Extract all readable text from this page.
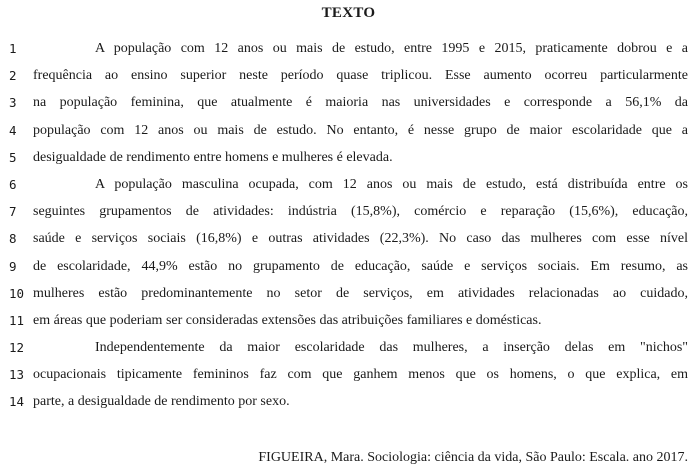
TEXTO
1	A população com 12 anos ou mais de estudo, entre 1995 e 2015, praticamente dobrou e a
2	frequência ao ensino superior neste período quase triplicou. Esse aumento ocorreu particularmente
3	na população feminina, que atualmente é maioria nas universidades e corresponde a 56,1% da
4	população com 12 anos ou mais de estudo. No entanto, é nesse grupo de maior escolaridade que a
5	desigualdade de rendimento entre homens e mulheres é elevada.
6	A população masculina ocupada, com 12 anos ou mais de estudo, está distribuída entre os
7	seguintes grupamentos de atividades: indústria (15,8%), comércio e reparação (15,6%), educação,
8	saúde e serviços sociais (16,8%) e outras atividades (22,3%). No caso das mulheres com esse nível
9	de escolaridade, 44,9% estão no grupamento de educação, saúde e serviços sociais. Em resumo, as
10 mulheres estão predominantemente no setor de serviços, em atividades relacionadas ao cuidado,
11 em áreas que poderiam ser consideradas extensões das atribuições familiares e domésticas.
12	Independentemente da maior escolaridade das mulheres, a inserção delas em "nichos"
13 ocupacionais tipicamente femininos faz com que ganhem menos que os homens, o que explica, em
14 parte, a desigualdade de rendimento por sexo.
FIGUEIRA, Mara. Sociologia: ciência da vida, São Paulo: Escala. ano 2017.
